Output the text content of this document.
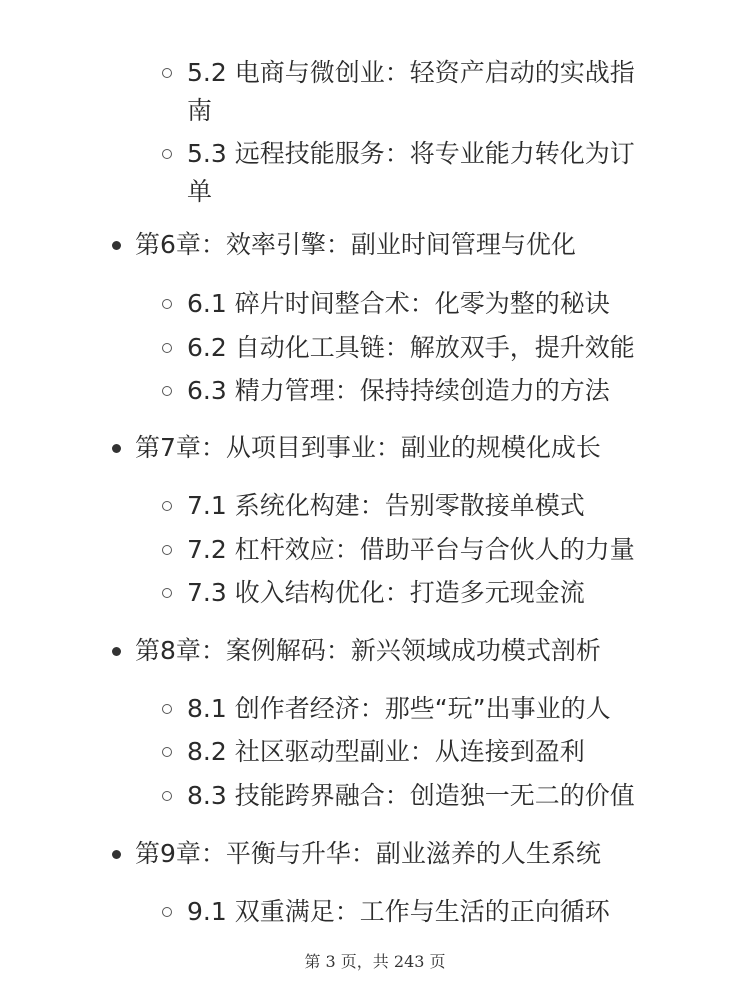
5.2 电商与微创业：轻资产启动的实战指
南
5.3 远程技能服务：将专业能力转化为订
单
第6章：效率引擎：副业时间管理与优化
6.1 碎片时间整合术：化零为整的秘诀
6.2 自动化工具链：解放双手，提升效能
6.3 精力管理：保持持续创造力的方法
第7章：从项目到事业：副业的规模化成长
7.1 系统化构建：告别零散接单模式
7.2 杠杆效应：借助平台与合伙人的力量
7.3 收入结构优化：打造多元现金流
第8章：案例解码：新兴领域成功模式剖析
8.1 创作者经济：那些“玩”出事业的人
8.2 社区驱动型副业：从连接到盈利
8.3 技能跨界融合：创造独一无二的价值
第9章：平衡与升华：副业滋养的人生系统
9.1 双重满足：工作与生活的正向循环
第 3 页，共 243 页
